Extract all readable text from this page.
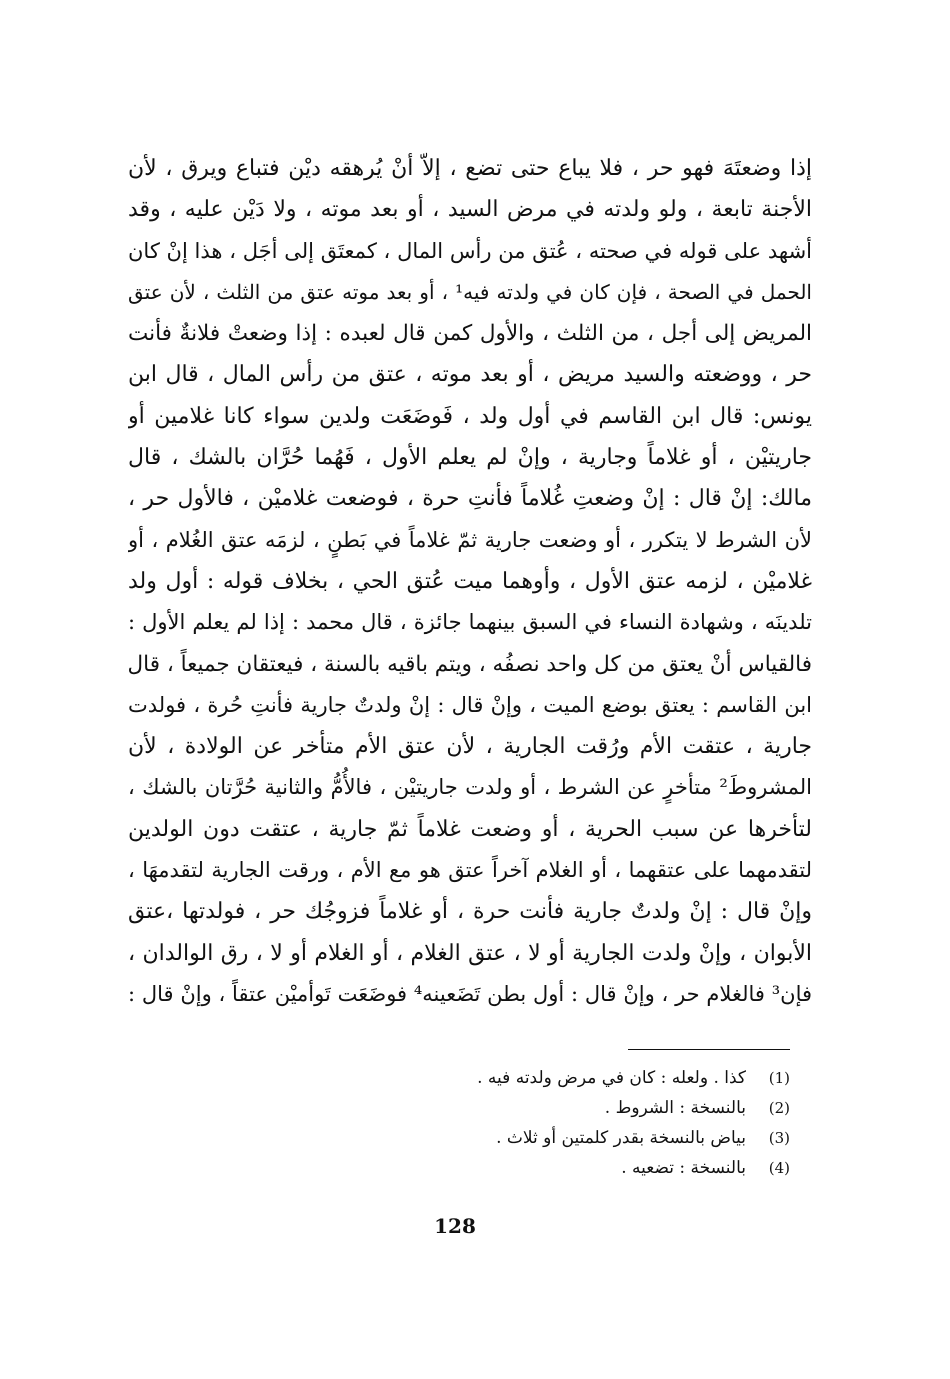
إذا وضعتَهَ فهو حر ، فلا يباع حتى تضع ، إلاّ أنْ يُرهقه ديْن فتباع ويرق ، لأن
الأجنة تابعة ، ولو ولدته في مرض السيد ، أو بعد موته ، ولا دَيْن عليه ، وقد
أشهد على قوله في صحته ، عُتق من رأس المال ، كمعتَق إلى أجَل ، هذا إنْ كان
الحمل في الصحة ، فإن كان في ولدته فيه¹ ، أو بعد موته عتق من الثلث ، لأن عتق
المريض إلى أجل ، من الثلث ، والأول كمن قال لعبده : إذا وضعتْ فلانةٌ فأنت
حر ، ووضعته والسيد مريض ، أو بعد موته ، عتق من رأس المال ، قال ابن
يونس: قال ابن القاسم في أول ولد ، فَوضَعَت ولدين سواء كانا غلامين أو
جاريتيْن ، أو غلاماً وجارية ، وإنْ لم يعلم الأول ، فَهُما حُرَّان بالشك ، قال
مالك: إنْ قال : إنْ وضعتِ غُلاماً فأنتِ حرة ، فوضعت غلاميْن ، فالأول حر ،
لأن الشرط لا يتكرر ، أو وضعت جارية ثمّ غلاماً في بَطنٍ ، لزمَه عتق الغُلام ، أو
غلاميْن ، لزمه عتق الأول ، وأوهما ميت عُتق الحي ، بخلاف قوله : أول ولد
تلدينَه ، وشهادة النساء في السبق بينهما جائزة ، قال محمد : إذا لم يعلم الأول :
فالقياس أنْ يعتق من كل واحد نصفُه ، ويتم باقيه بالسنة ، فيعتقان جميعاً ، قال
ابن القاسم : يعتق بوضع الميت ، وإنْ قال : إنْ ولدتٌ جارية فأنتِ حُرة ، فولدت
جارية ، عتقت الأم ورُقت الجارية ، لأن عتق الأم متأخر عن الولادة ، لأن
المشروطَ² متأخرٍ عن الشرط ، أو ولدت جاريتيْن ، فالأُمُّ والثانية حُرَّتان بالشك ،
لتأخرها عن سبب الحرية ، أو وضعت غلاماً ثمّ جارية ، عتقت دون الولدين
لتقدمهما على عتقهما ، أو الغلام آخراً عتق هو مع الأم ، ورقت الجارية لتقدمهَا ،
وإنْ قال : إنْ ولدتٌ جارية فأنت حرة ، أو غلاماً فزوجُك حر ، فولدتها ،عتق
الأبوان ، وإنْ ولدت الجارية أو لا ، عتق الغلام ، أو الغلام أو لا ، رق الوالدان ،
فإن³ فالغلام حر ، وإنْ قال : أول بطن تَضَعينه⁴ فوضَعَت تَوأميْن عتقاً ، وإنْ قال :
(1)
كذا . ولعله : كان في مرض ولدته فيه .
(2)
بالنسخة : الشروط .
(3)
بياض بالنسخة بقدر كلمتين أو ثلاث .
(4)
بالنسخة : تضعيه .
128
